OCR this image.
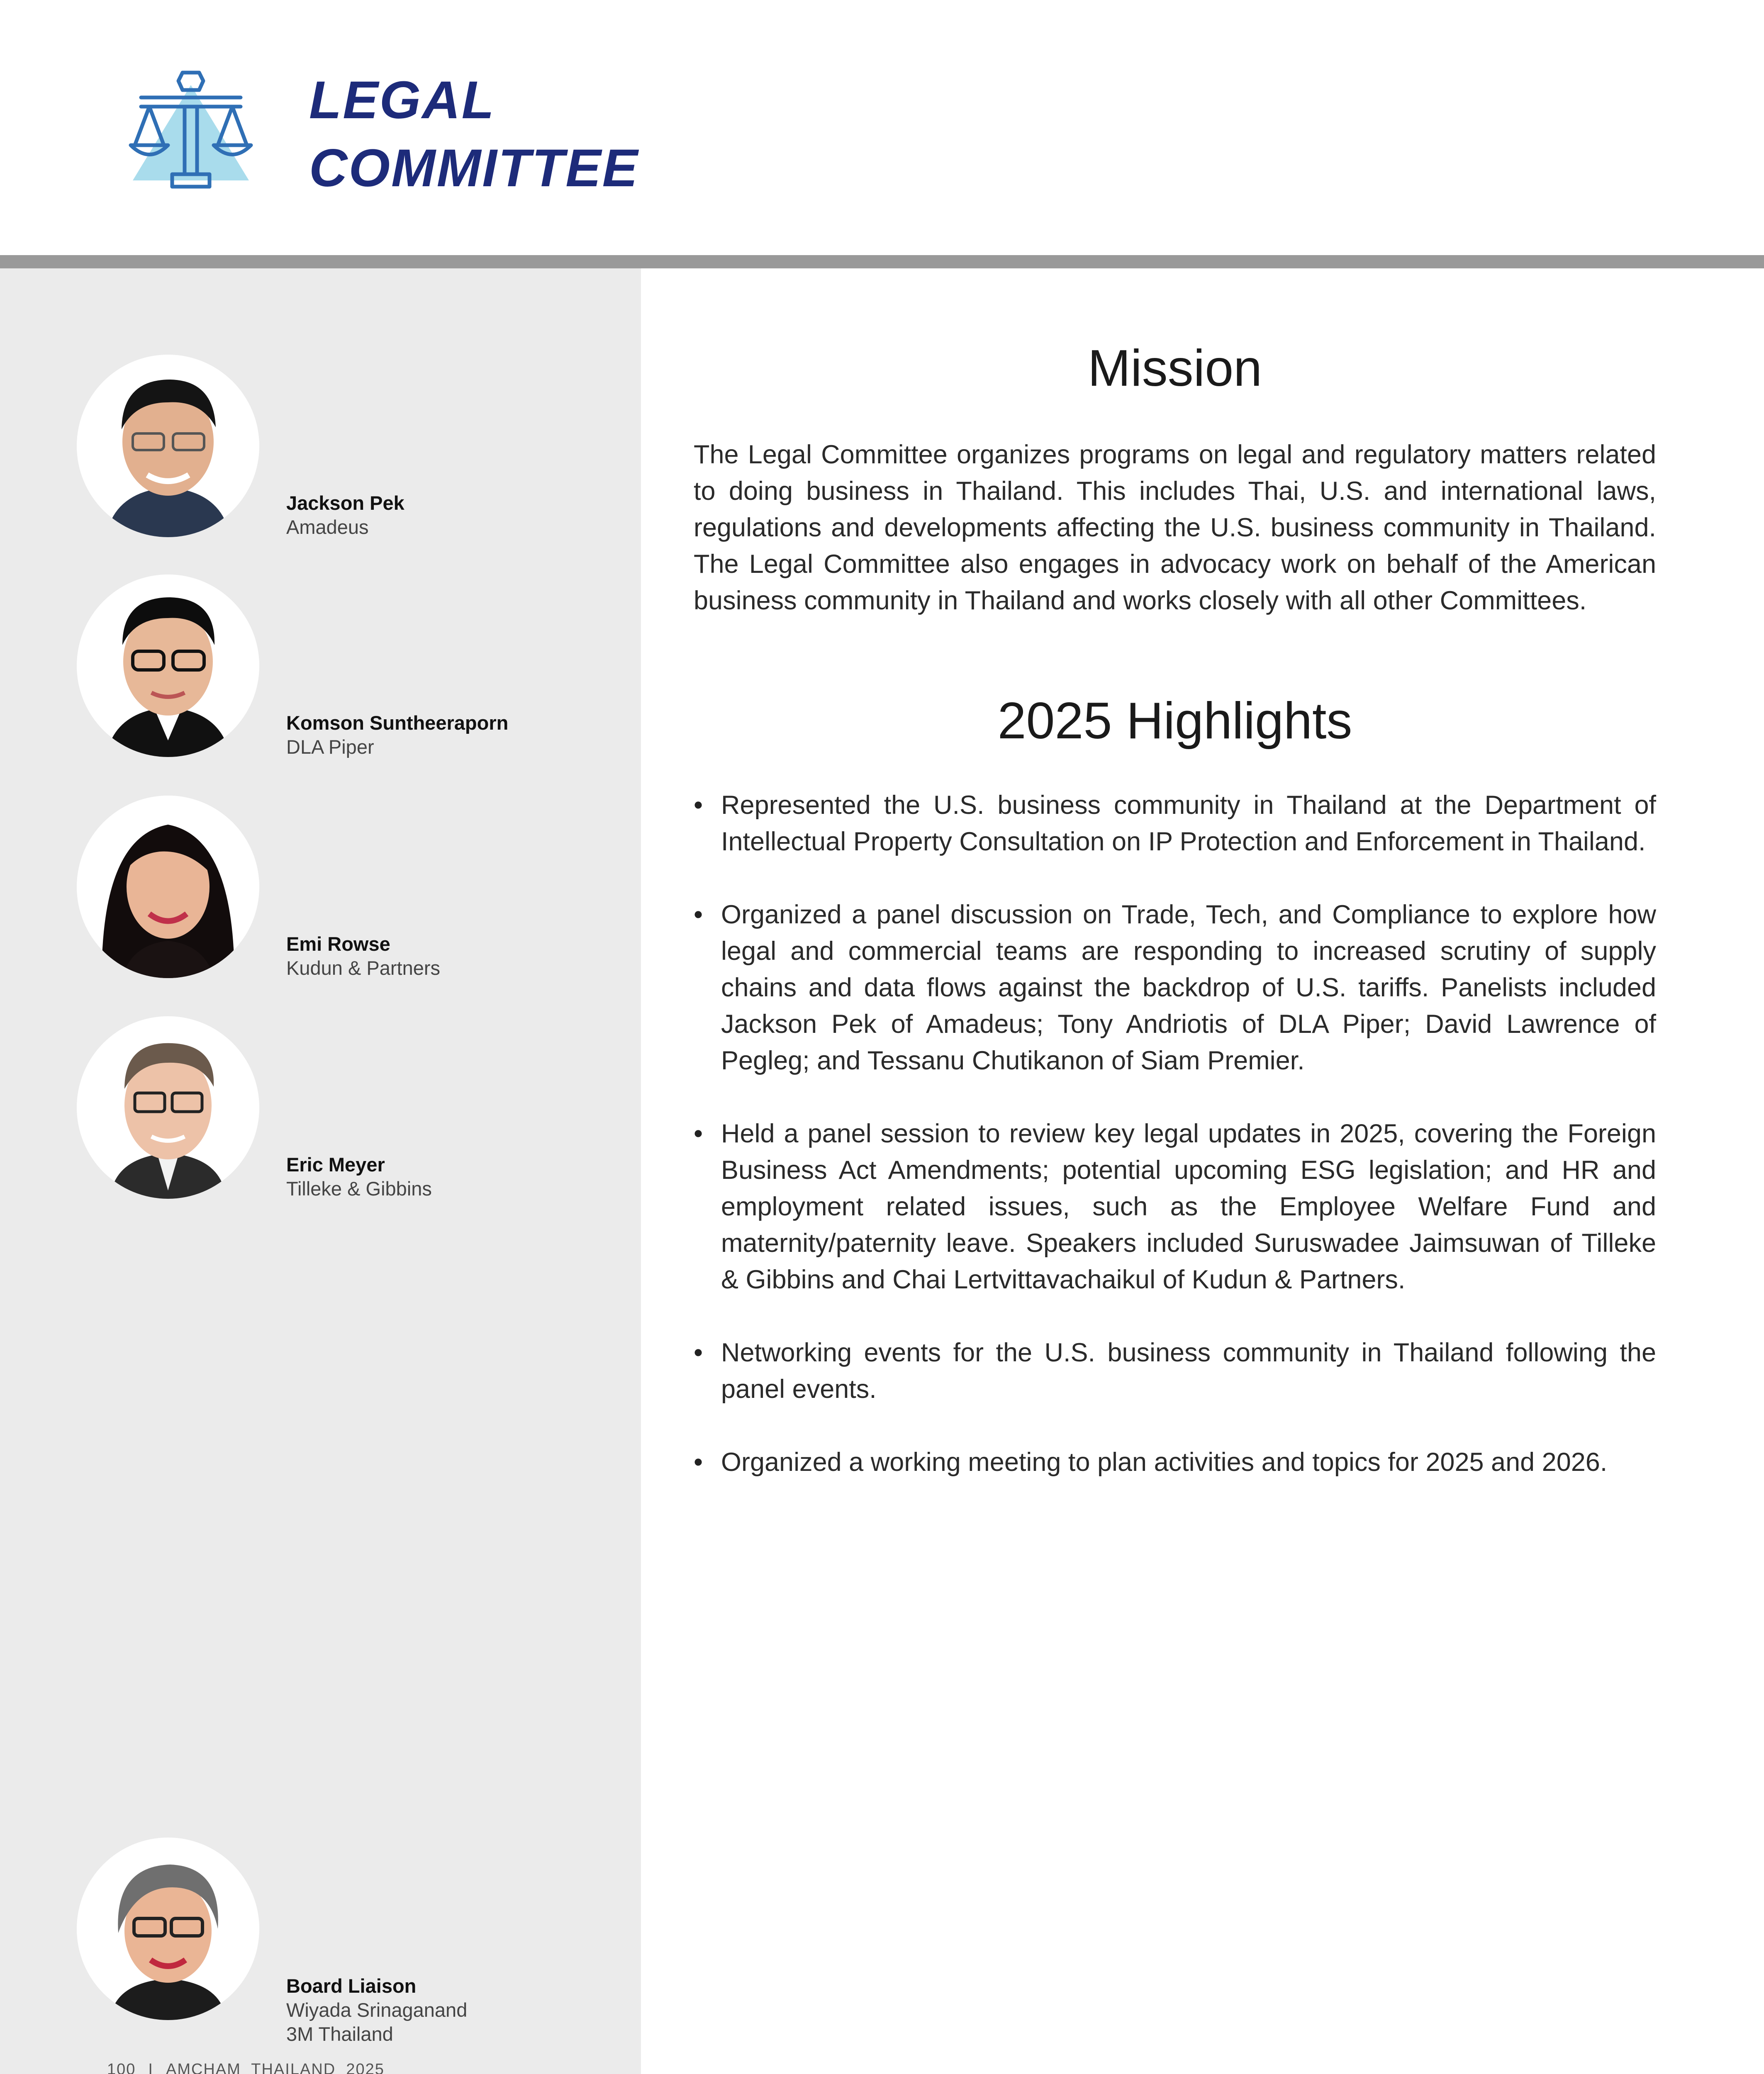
LEGAL
COMMITTEE
Jackson Pek
Amadeus
Komson Suntheeraporn
DLA Piper
Emi Rowse
Kudun & Partners
Eric Meyer
Tilleke & Gibbins
Board Liaison
Wiyada Srinaganand
3M Thailand
100 I AMCHAM  THAILAND  2025
Mission
The Legal Committee organizes programs on legal and regulatory matters related to doing business in Thailand. This includes Thai, U.S. and international laws, regulations and developments affecting the U.S. business community in Thailand. The Legal Committee also engages in advocacy work on behalf of the American business community in Thailand and works closely with all other Committees.
2025 Highlights
• Represented the U.S. business community in Thailand at the Department of Intellectual Property Consultation on IP Protection and Enforcement in Thailand.
• Organized a panel discussion on Trade, Tech, and Compliance to explore how legal and commercial teams are responding to increased scrutiny of supply chains and data flows against the backdrop of U.S. tariffs. Panelists included Jackson Pek of Amadeus; Tony Andriotis of DLA Piper; David Lawrence of Pegleg; and Tessanu Chutikanon of Siam Premier.
• Held a panel session to review key legal updates in 2025, covering the Foreign Business Act Amendments; potential upcoming ESG legislation; and HR and employment related issues, such as the Employee Welfare Fund and maternity/paternity leave. Speakers included Suruswadee Jaimsuwan of Tilleke & Gibbins and Chai Lertvittavachaikul of Kudun & Partners.
• Networking events for the U.S. business community in Thailand following the panel events.
• Organized a working meeting to plan activities and topics for 2025 and 2026.
